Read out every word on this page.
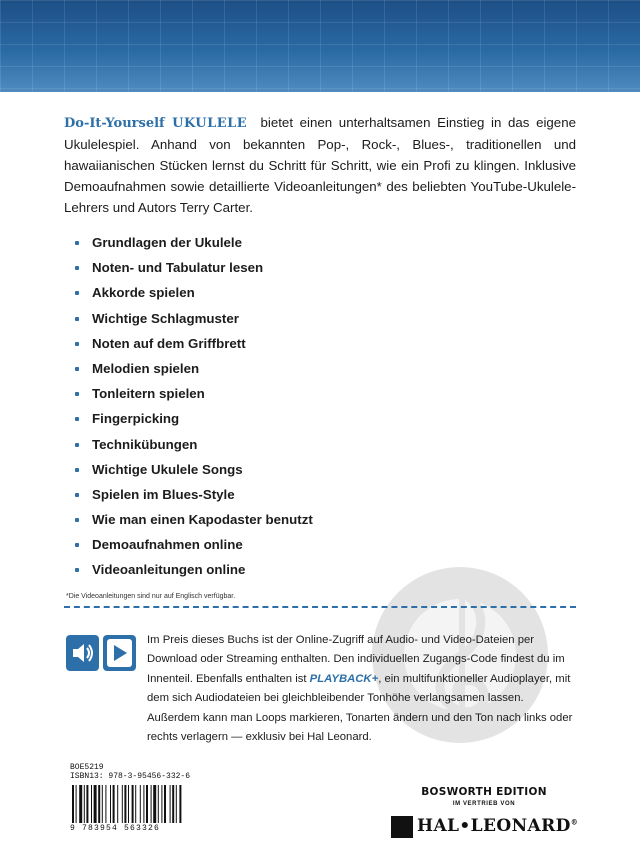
Do-It-Yourself UKULELE bietet einen unterhaltsamen Einstieg in das eigene Ukulelespiel. Anhand von bekannten Pop-, Rock-, Blues-, traditionellen und hawaiianischen Stücken lernst du Schritt für Schritt, wie ein Profi zu klingen. Inklusive Demoaufnahmen sowie detaillierte Videoanleitungen* des beliebten YouTube-Ukulele-Lehrers und Autors Terry Carter.

Grundlagen der Ukulele
Noten- und Tabulatur lesen
Akkorde spielen
Wichtige Schlagmuster
Noten auf dem Griffbrett
Melodien spielen
Tonleitern spielen
Fingerpicking
Technikübungen
Wichtige Ukulele Songs
Spielen im Blues-Style
Wie man einen Kapodaster benutzt
Demoaufnahmen online
Videoanleitungen online
*Die Videoanleitungen sind nur auf Englisch verfügbar.

Im Preis dieses Buchs ist der Online-Zugriff auf Audio- und Video-Dateien per Download oder Streaming enthalten. Den individuellen Zugangs-Code findest du im Innenteil. Ebenfalls enthalten ist PLAYBACK+, ein multifunktioneller Audioplayer, mit dem sich Audiodateien bei gleichbleibender Tonhöhe verlangsamen lassen. Außerdem kann man Loops markieren, Tonarten ändern und den Ton nach links oder rechts verlagern — exklusiv bei Hal Leonard.

BOE5219

ISBN13: 978-3-95456-332-6

9 783954 563326
BOSWORTH EDITION
IM VERTRIEB VON
HAL•LEONARD®
